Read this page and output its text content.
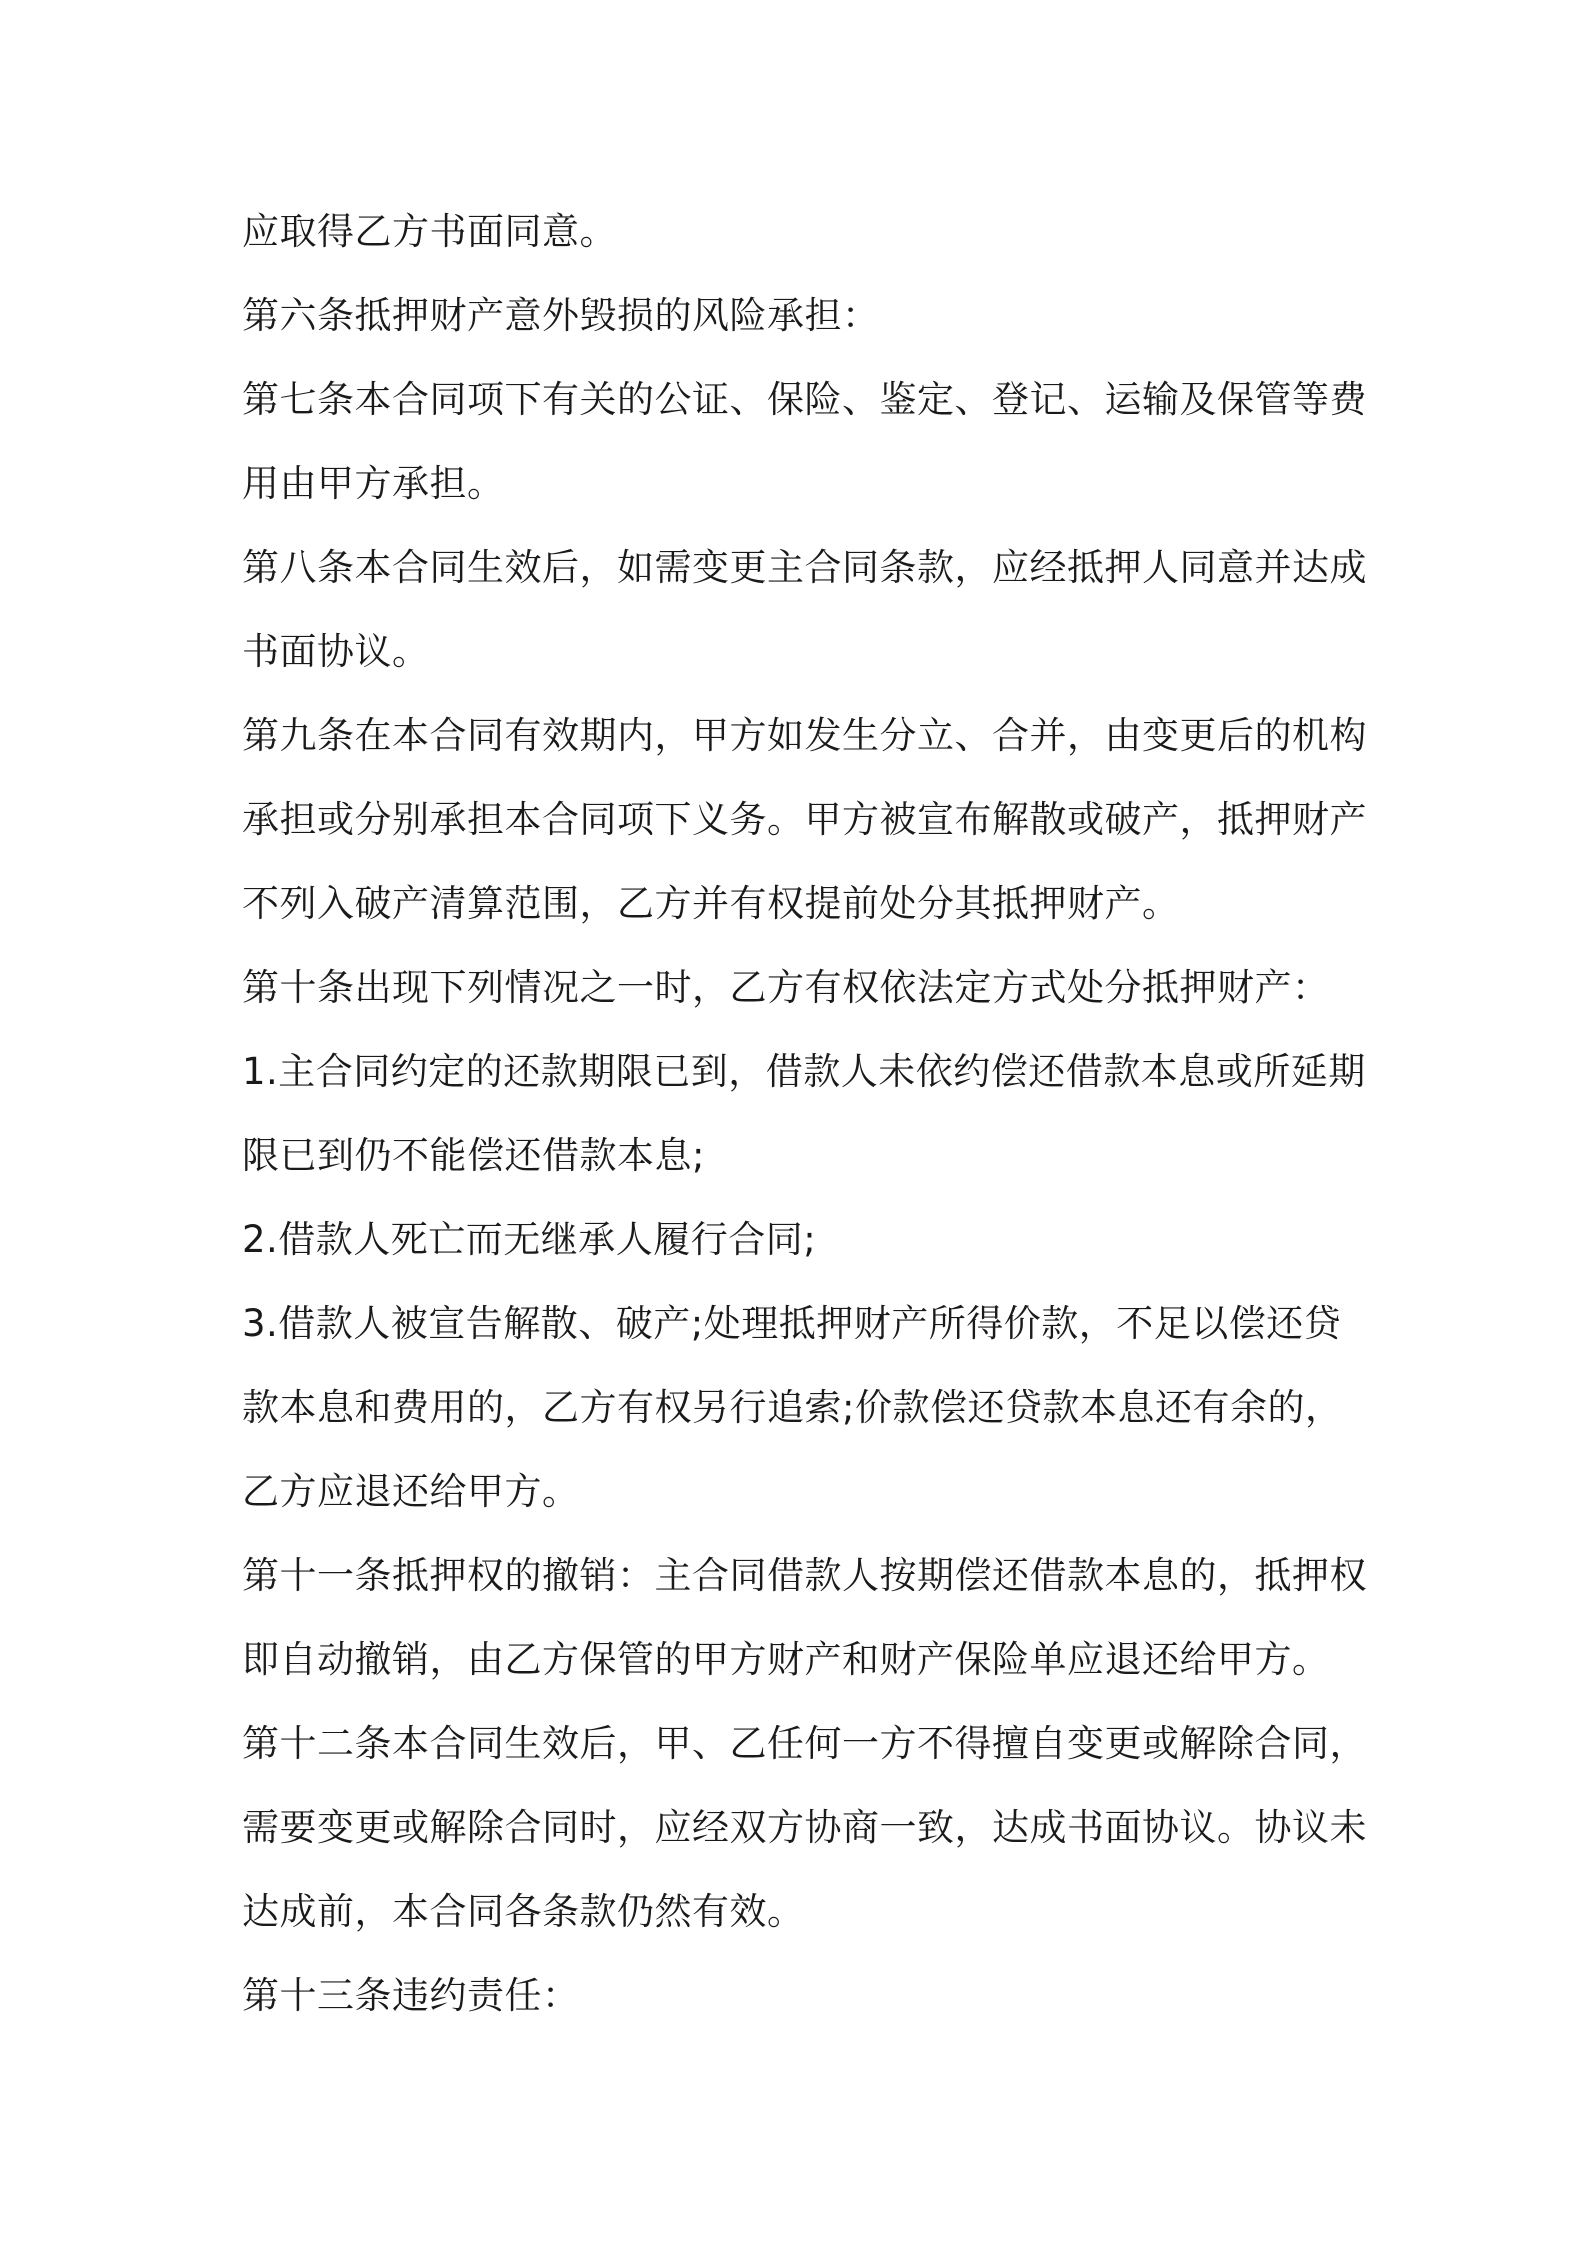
应取得乙方书面同意。
第六条抵押财产意外毁损的风险承担：
第七条本合同项下有关的公证、保险、鉴定、登记、运输及保管等费
用由甲方承担。
第八条本合同生效后，如需变更主合同条款，应经抵押人同意并达成
书面协议。
第九条在本合同有效期内，甲方如发生分立、合并，由变更后的机构
承担或分别承担本合同项下义务。甲方被宣布解散或破产，抵押财产
不列入破产清算范围，乙方并有权提前处分其抵押财产。
第十条出现下列情况之一时，乙方有权依法定方式处分抵押财产：
1.主合同约定的还款期限已到，借款人未依约偿还借款本息或所延期
限已到仍不能偿还借款本息;
2.借款人死亡而无继承人履行合同;
3.借款人被宣告解散、破产;处理抵押财产所得价款，不足以偿还贷
款本息和费用的，乙方有权另行追索;价款偿还贷款本息还有余的，
乙方应退还给甲方。
第十一条抵押权的撤销：主合同借款人按期偿还借款本息的，抵押权
即自动撤销，由乙方保管的甲方财产和财产保险单应退还给甲方。
第十二条本合同生效后，甲、乙任何一方不得擅自变更或解除合同，
需要变更或解除合同时，应经双方协商一致，达成书面协议。协议未
达成前，本合同各条款仍然有效。
第十三条违约责任：
